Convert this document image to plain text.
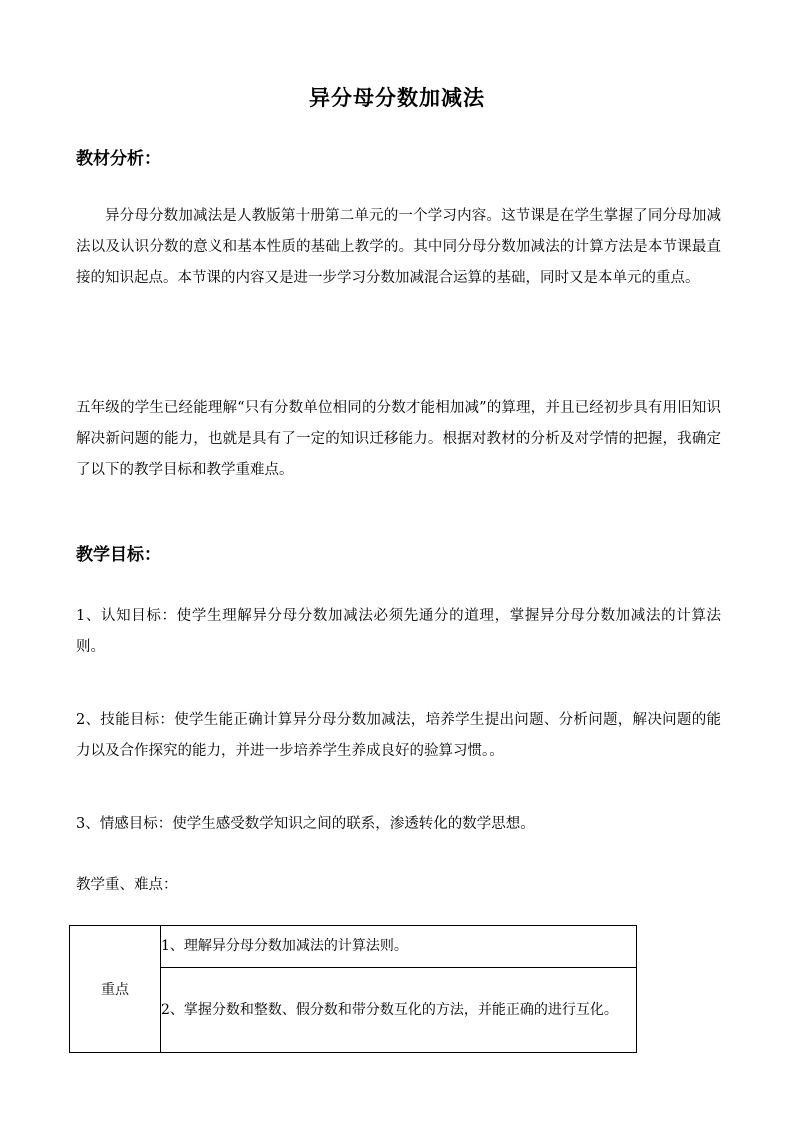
异分母分数加减法
教材分析：

异分母分数加减法是人教版第十册第二单元的一个学习内容。这节课是在学生掌握了同分母加减法以及认识分数的意义和基本性质的基础上教学的。其中同分母分数加减法的计算方法是本节课最直接的知识起点。本节课的内容又是进一步学习分数加减混合运算的基础，同时又是本单元的重点。

五年级的学生已经能理解“只有分数单位相同的分数才能相加减”的算理，并且已经初步具有用旧知识解决新问题的能力，也就是具有了一定的知识迁移能力。根据对教材的分析及对学情的把握，我确定了以下的教学目标和教学重难点。

教学目标：

1、认知目标：使学生理解异分母分数加减法必须先通分的道理，掌握异分母分数加减法的计算法则。

2、技能目标：使学生能正确计算异分母分数加减法，培养学生提出问题、分析问题，解决问题的能力以及合作探究的能力，并进一步培养学生养成良好的验算习惯。。

3、情感目标：使学生感受数学知识之间的联系，渗透转化的数学思想。

教学重、难点：
重点	1、理解异分母分数加减法的计算法则。
2、掌握分数和整数、假分数和带分数互化的方法，并能正确的进行互化。
